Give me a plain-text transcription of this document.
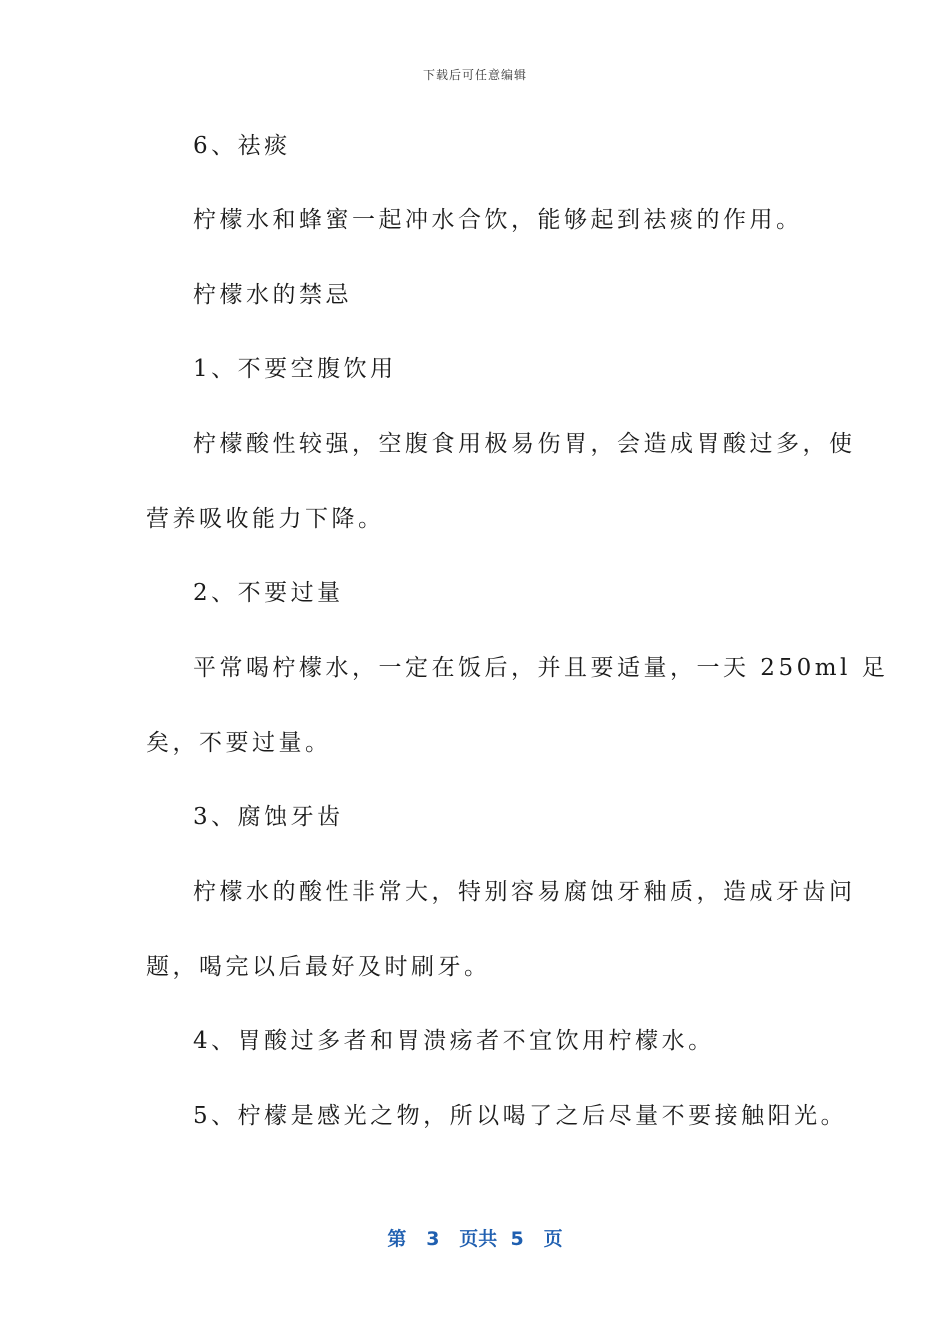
下载后可任意编辑
6、祛痰
柠檬水和蜂蜜一起冲水合饮，能够起到祛痰的作用。
柠檬水的禁忌
1、不要空腹饮用
柠檬酸性较强，空腹食用极易伤胃，会造成胃酸过多，使
营养吸收能力下降。
2、不要过量
平常喝柠檬水，一定在饭后，并且要适量，一天 250ml 足
矣，不要过量。
3、腐蚀牙齿
柠檬水的酸性非常大，特别容易腐蚀牙釉质，造成牙齿问
题，喝完以后最好及时刷牙。
4、胃酸过多者和胃溃疡者不宜饮用柠檬水。
5、柠檬是感光之物，所以喝了之后尽量不要接触阳光。
第 3 页共 5 页
